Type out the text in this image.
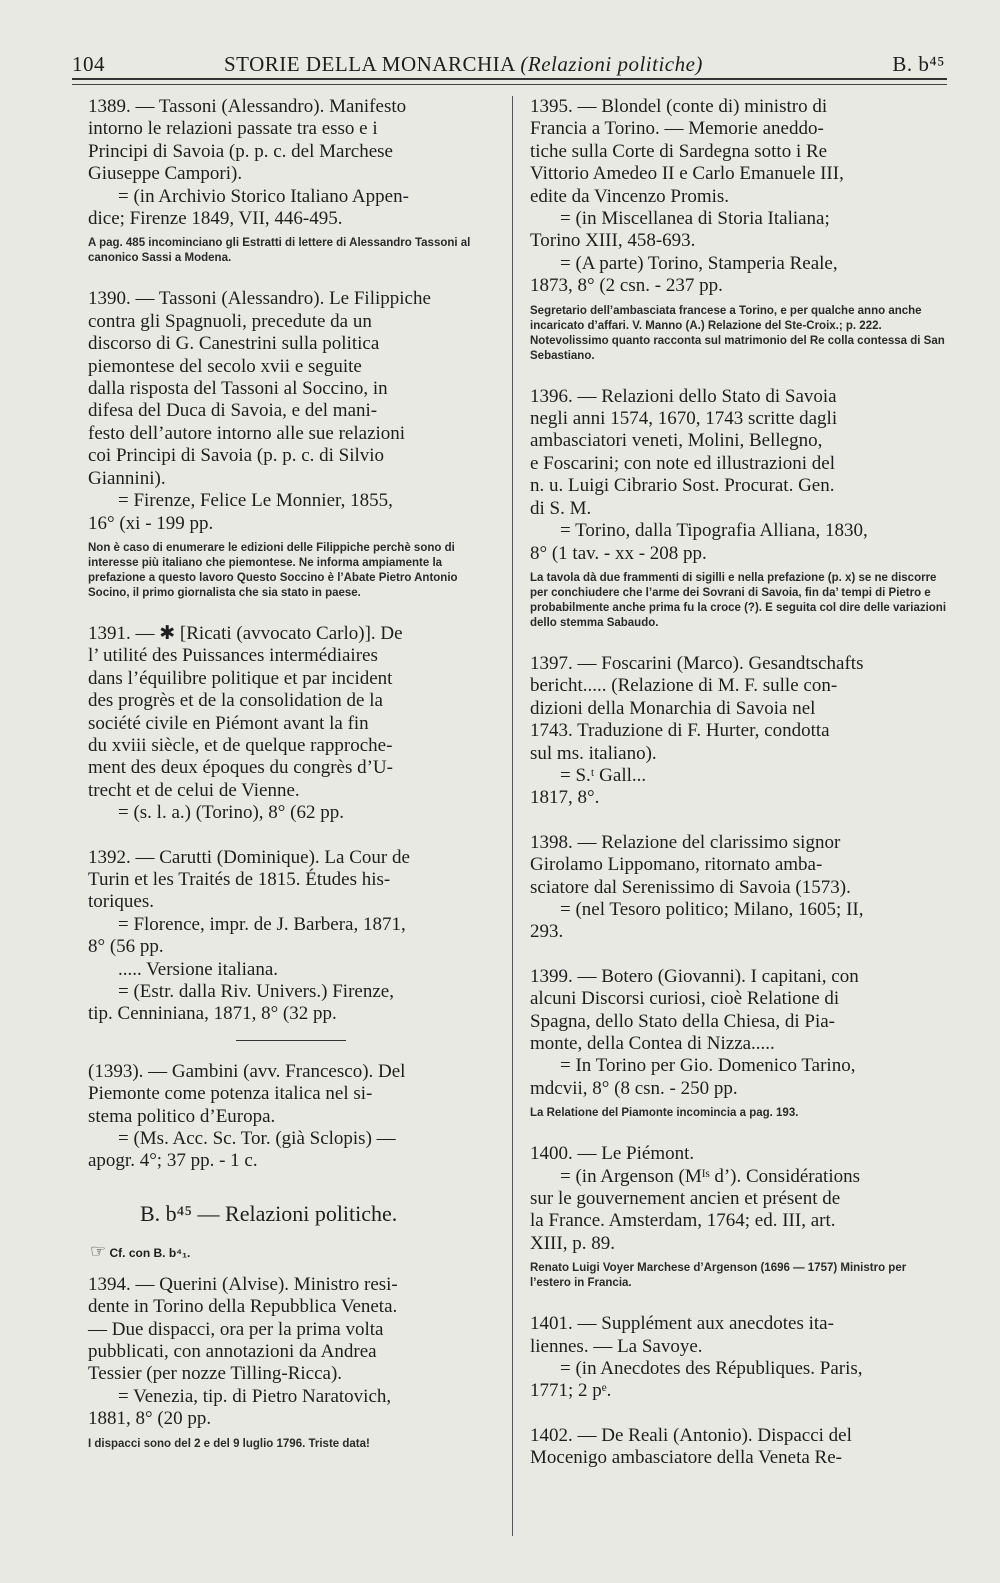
104	STORIE DELLA MONARCHIA (Relazioni politiche)	B. b⁴⁵
1389. — Tassoni (Alessandro). Manifesto
intorno le relazioni passate tra esso e i
Principi di Savoia (p. p. c. del Marchese
Giuseppe Campori).
= (in Archivio Storico Italiano Appen-
dice; Firenze 1849, VII, 446-495.
A pag. 485 incominciano gli Estratti di lettere di Alessandro Tassoni al canonico Sassi a Modena.
1390. — Tassoni (Alessandro). Le Filippiche
contra gli Spagnuoli, precedute da un
discorso di G. Canestrini sulla politica
piemontese del secolo xvii e seguite
dalla risposta del Tassoni al Soccino, in
difesa del Duca di Savoia, e del mani-
festo dell’autore intorno alle sue relazioni
coi Principi di Savoia (p. p. c. di Silvio
Giannini).
= Firenze, Felice Le Monnier, 1855,
16° (xi - 199 pp.
Non è caso di enumerare le edizioni delle Filippiche perchè sono di interesse più italiano che piemontese. Ne informa ampiamente la prefazione a questo lavoro Questo Soccino è l’Abate Pietro Antonio Socino, il primo giornalista che sia stato in paese.
1391. — ✱ [Ricati (avvocato Carlo)]. De
l’ utilité des Puissances intermédiaires
dans l’équilibre politique et par incident
des progrès et de la consolidation de la
société civile en Piémont avant la fin
du xviii siècle, et de quelque rapproche-
ment des deux époques du congrès d’U-
trecht et de celui de Vienne.
= (s. l. a.) (Torino), 8° (62 pp.
1392. — Carutti (Dominique). La Cour de
Turin et les Traités de 1815. Études his-
toriques.
= Florence, impr. de J. Barbera, 1871,
8° (56 pp.
..... Versione italiana.
= (Estr. dalla Riv. Univers.) Firenze,
tip. Cenniniana, 1871, 8° (32 pp.
(1393). — Gambini (avv. Francesco). Del
Piemonte come potenza italica nel si-
stema politico d’Europa.
= (Ms. Acc. Sc. Tor. (già Sclopis) —
apogr. 4°; 37 pp. - 1 c.
B. b⁴⁵ — Relazioni politiche.
☞ Cf. con B. b⁴₁.
1394. — Querini (Alvise). Ministro resi-
dente in Torino della Repubblica Veneta.
— Due dispacci, ora per la prima volta
pubblicati, con annotazioni da Andrea
Tessier (per nozze Tilling-Ricca).
= Venezia, tip. di Pietro Naratovich,
1881, 8° (20 pp.
I dispacci sono del 2 e del 9 luglio 1796. Triste data!
1395. — Blondel (conte di) ministro di
Francia a Torino. — Memorie aneddo-
tiche sulla Corte di Sardegna sotto i Re
Vittorio Amedeo II e Carlo Emanuele III,
edite da Vincenzo Promis.
= (in Miscellanea di Storia Italiana;
Torino XIII, 458-693.
= (A parte) Torino, Stamperia Reale,
1873, 8° (2 csn. - 237 pp.
Segretario dell’ambasciata francese a Torino, e per qualche anno anche incaricato d’affari. V. Manno (A.) Relazione del Ste-Croix.; p. 222. Notevolissimo quanto racconta sul matrimonio del Re colla contessa di San Sebastiano.
1396. — Relazioni dello Stato di Savoia
negli anni 1574, 1670, 1743 scritte dagli
ambasciatori veneti, Molini, Bellegno,
e Foscarini; con note ed illustrazioni del
n. u. Luigi Cibrario Sost. Procurat. Gen.
di S. M.
= Torino, dalla Tipografia Alliana, 1830,
8° (1 tav. - xx - 208 pp.
La tavola dà due frammenti di sigilli e nella prefazione (p. x) se ne discorre per conchiudere che l’arme dei Sovrani di Savoia, fin da’ tempi di Pietro e probabilmente anche prima fu la croce (?). E seguita col dire delle variazioni dello stemma Sabaudo.
1397. — Foscarini (Marco). Gesandtschafts
bericht..... (Relazione di M. F. sulle con-
dizioni della Monarchia di Savoia nel
1743. Traduzione di F. Hurter, condotta
sul ms. italiano).
= S.ᵗ Gall...
1817, 8°.
1398. — Relazione del clarissimo signor
Girolamo Lippomano, ritornato amba-
sciatore dal Serenissimo di Savoia (1573).
= (nel Tesoro politico; Milano, 1605; II,
293.
1399. — Botero (Giovanni). I capitani, con
alcuni Discorsi curiosi, cioè Relatione di
Spagna, dello Stato della Chiesa, di Pia-
monte, della Contea di Nizza.....
= In Torino per Gio. Domenico Tarino,
mdcvii, 8° (8 csn. - 250 pp.
La Relatione del Piamonte incomincia a pag. 193.
1400. — Le Piémont.
= (in Argenson (Mᴵˢ d’). Considérations
sur le gouvernement ancien et présent de
la France. Amsterdam, 1764; ed. III, art.
XIII, p. 89.
Renato Luigi Voyer Marchese d’Argenson (1696 — 1757) Ministro per l’estero in Francia.
1401. — Supplément aux anecdotes ita-
liennes. — La Savoye.
= (in Anecdotes des Républiques. Paris,
1771; 2 pᵉ.
1402. — De Reali (Antonio). Dispacci del
Mocenigo ambasciatore della Veneta Re-
